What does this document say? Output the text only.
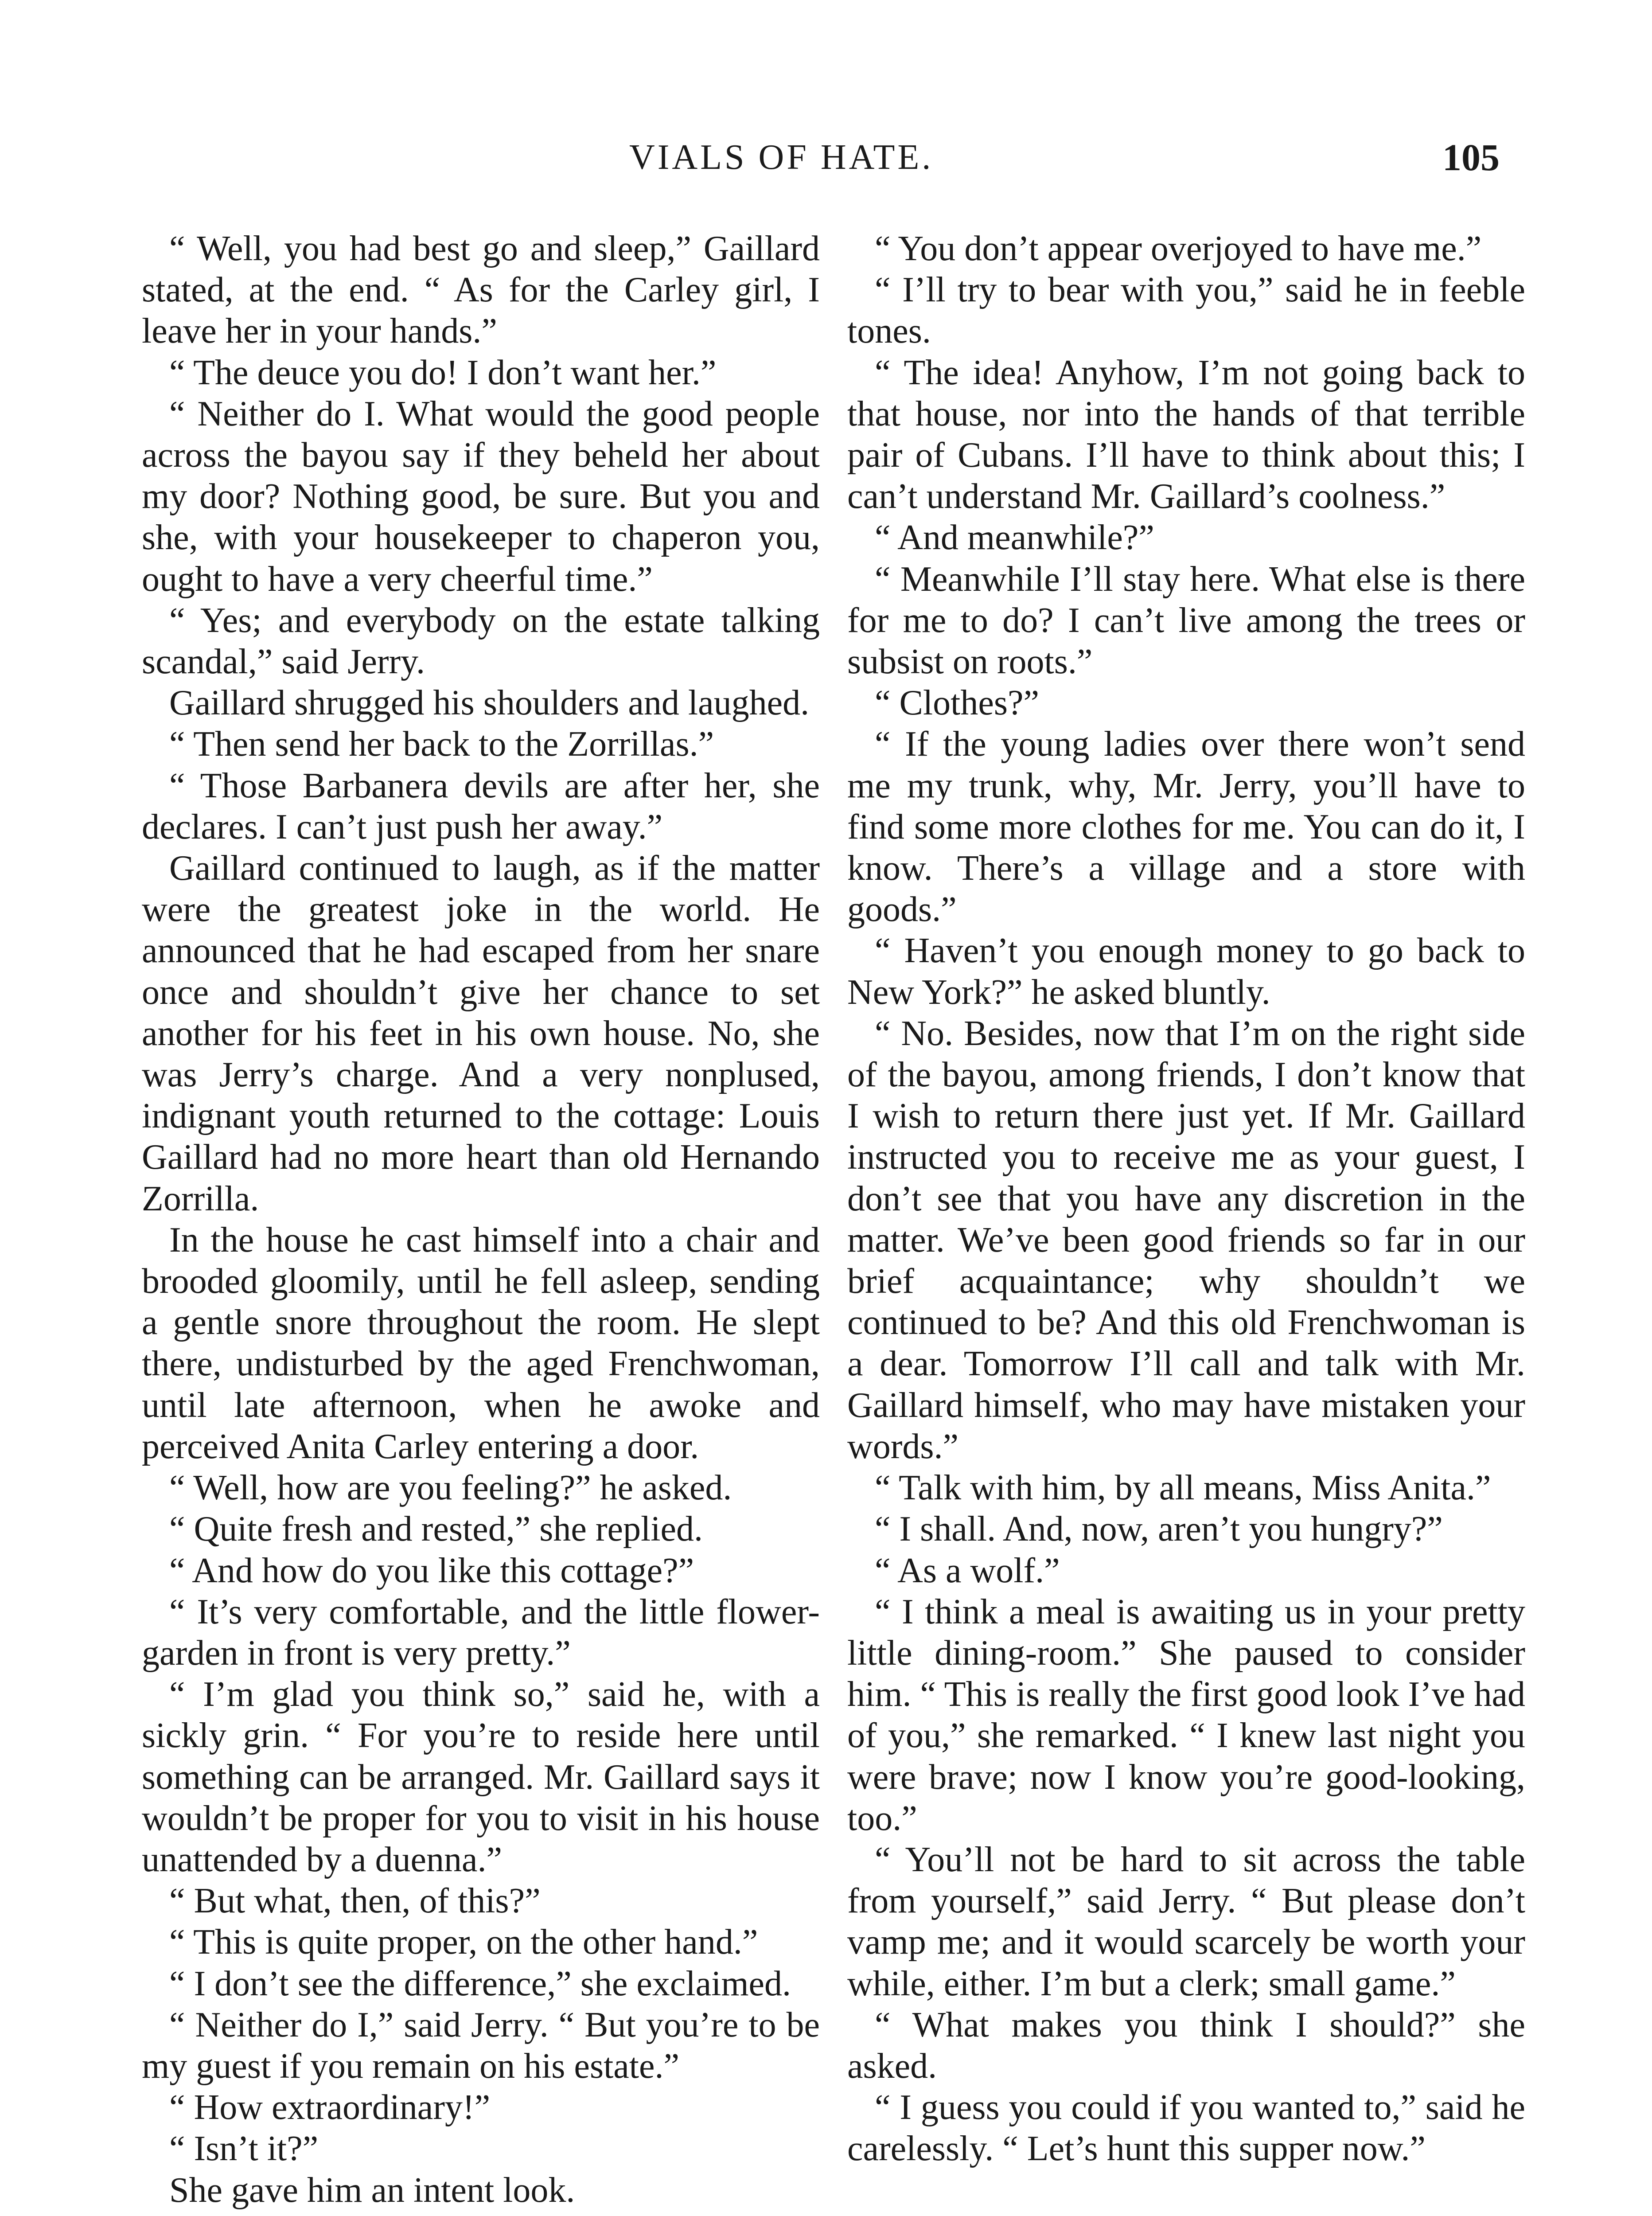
VIALS OF HATE.	105

“ Well, you had best go and sleep,” Gaillard stated, at the end. “ As for the Carley girl, I leave her in your hands.”

“ The deuce you do! I don’t want her.”

“ Neither do I. What would the good people across the bayou say if they beheld her about my door? Nothing good, be sure. But you and she, with your housekeeper to chaperon you, ought to have a very cheerful time.”

“ Yes; and everybody on the estate talking scandal,” said Jerry.

Gaillard shrugged his shoulders and laughed.

“ Then send her back to the Zorrillas.”

“ Those Barbanera devils are after her, she declares. I can’t just push her away.”

Gaillard continued to laugh, as if the matter were the greatest joke in the world. He announced that he had escaped from her snare once and shouldn’t give her chance to set another for his feet in his own house. No, she was Jerry’s charge. And a very nonplused, indignant youth returned to the cottage: Louis Gaillard had no more heart than old Hernando Zorrilla.

In the house he cast himself into a chair and brooded gloomily, until he fell asleep, sending a gentle snore throughout the room. He slept there, undisturbed by the aged Frenchwoman, until late afternoon, when he awoke and perceived Anita Carley entering a door.

“ Well, how are you feeling?” he asked.

“ Quite fresh and rested,” she replied.

“ And how do you like this cottage?”

“ It’s very comfortable, and the little flower-garden in front is very pretty.”

“ I’m glad you think so,” said he, with a sickly grin. “ For you’re to reside here until something can be arranged. Mr. Gaillard says it wouldn’t be proper for you to visit in his house unattended by a duenna.”

“ But what, then, of this?”

“ This is quite proper, on the other hand.”

“ I don’t see the difference,” she exclaimed.

“ Neither do I,” said Jerry. “ But you’re to be my guest if you remain on his estate.”

“ How extraordinary!”

“ Isn’t it?”

She gave him an intent look.

“ You don’t appear overjoyed to have me.”

“ I’ll try to bear with you,” said he in feeble tones.

“ The idea! Anyhow, I’m not going back to that house, nor into the hands of that terrible pair of Cubans. I’ll have to think about this; I can’t understand Mr. Gaillard’s coolness.”

“ And meanwhile?”

“ Meanwhile I’ll stay here. What else is there for me to do? I can’t live among the trees or subsist on roots.”

“ Clothes?”

“ If the young ladies over there won’t send me my trunk, why, Mr. Jerry, you’ll have to find some more clothes for me. You can do it, I know. There’s a village and a store with goods.”

“ Haven’t you enough money to go back to New York?” he asked bluntly.

“ No. Besides, now that I’m on the right side of the bayou, among friends, I don’t know that I wish to return there just yet. If Mr. Gaillard instructed you to receive me as your guest, I don’t see that you have any discretion in the matter. We’ve been good friends so far in our brief acquaintance; why shouldn’t we continued to be? And this old Frenchwoman is a dear. Tomorrow I’ll call and talk with Mr. Gaillard himself, who may have mistaken your words.”

“ Talk with him, by all means, Miss Anita.”

“ I shall. And, now, aren’t you hungry?”

“ As a wolf.”

“ I think a meal is awaiting us in your pretty little dining-room.” She paused to consider him. “ This is really the first good look I’ve had of you,” she remarked. “ I knew last night you were brave; now I know you’re good-looking, too.”

“ You’ll not be hard to sit across the table from yourself,” said Jerry. “ But please don’t vamp me; and it would scarcely be worth your while, either. I’m but a clerk; small game.”

“ What makes you think I should?” she asked.

“ I guess you could if you wanted to,” said he carelessly. “ Let’s hunt this supper now.”
